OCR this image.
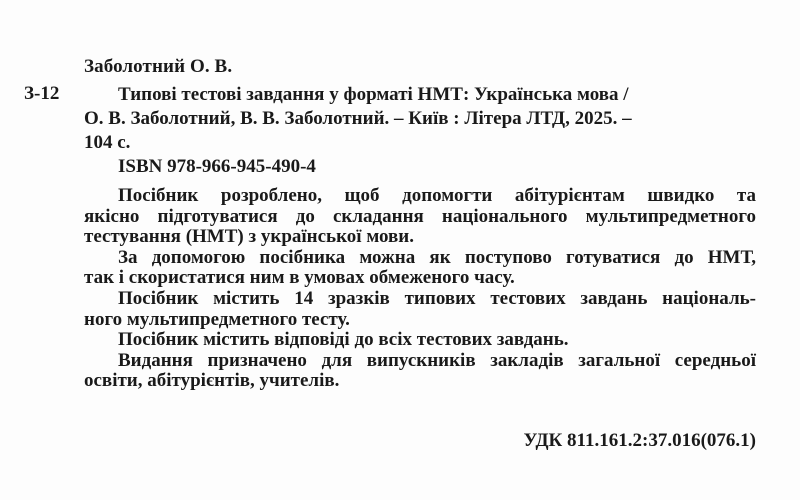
Заболотний О. В.
З-12	Типові тестові завдання у форматі НМТ: Українська мова /
О. В. Заболотний, В. В. Заболотний. – Київ : Літера ЛТД, 2025. –
104 с.
ISBN 978-966-945-490-4
Посібник розроблено, щоб допомогти абітурієнтам швидко та
якісно підготуватися до складання національного мультипредметного
тестування (НМТ) з української мови.
За допомогою посібника можна як поступово готуватися до НМТ,
так і скористатися ним в умовах обмеженого часу.
Посібник містить 14 зразків типових тестових завдань національ-
ного мультипредметного тесту.
Посібник містить відповіді до всіх тестових завдань.
Видання призначено для випускників закладів загальної середньої
освіти, абітурієнтів, учителів.
УДК 811.161.2:37.016(076.1)
